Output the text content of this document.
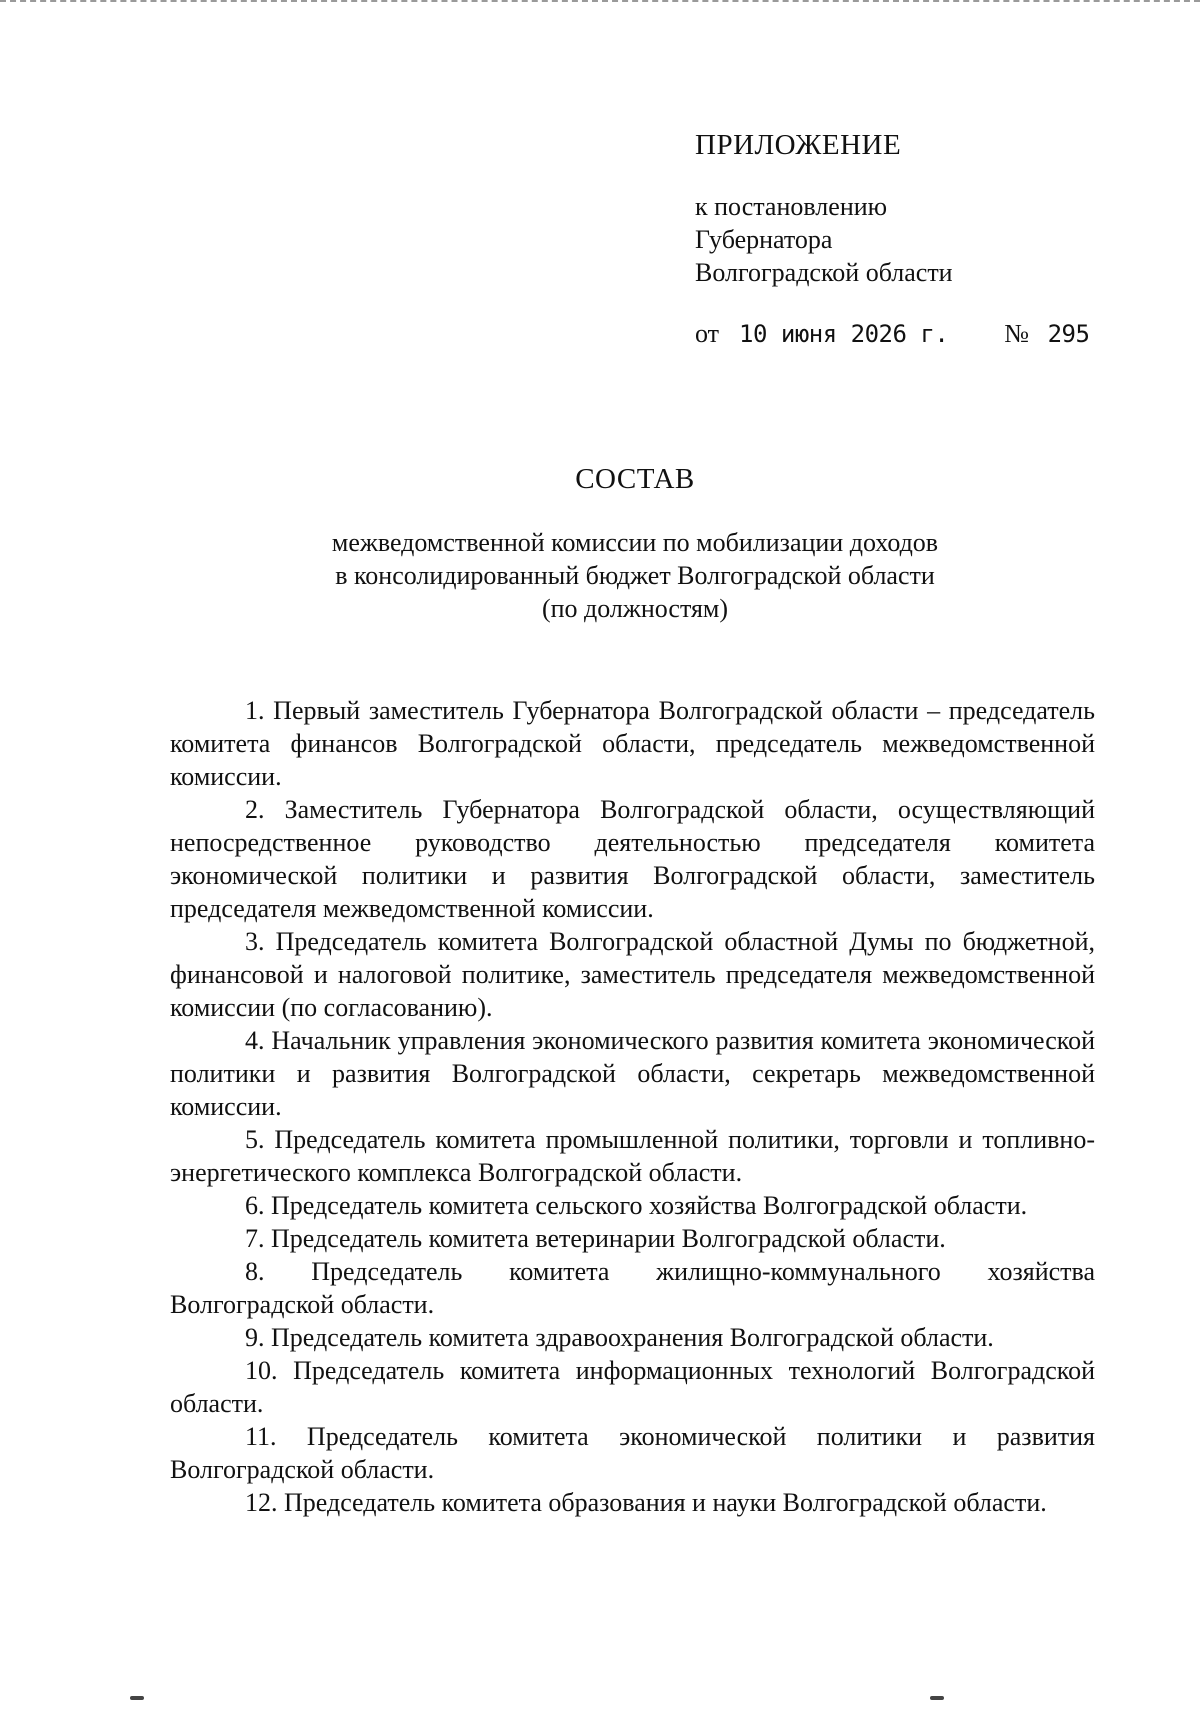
ПРИЛОЖЕНИЕ
к постановлению
Губернатора
Волгоградской области
от 10 июня 2026 г. № 295
СОСТАВ
межведомственной комиссии по мобилизации доходов
в консолидированный бюджет Волгоградской области
(по должностям)

1. Первый заместитель Губернатора Волгоградской области – председатель комитета финансов Волгоградской области, председатель межведомственной комиссии.

2. Заместитель Губернатора Волгоградской области, осуществляющий непосредственное руководство деятельностью председателя комитета экономической политики и развития Волгоградской области, заместитель председателя межведомственной комиссии.

3. Председатель комитета Волгоградской областной Думы по бюджетной, финансовой и налоговой политике, заместитель председателя межведомственной комиссии (по согласованию).

4. Начальник управления экономического развития комитета экономической политики и развития Волгоградской области, секретарь межведомственной комиссии.

5. Председатель комитета промышленной политики, торговли и топливно-энергетического комплекса Волгоградской области.

6. Председатель комитета сельского хозяйства Волгоградской области.

7. Председатель комитета ветеринарии Волгоградской области.

8. Председатель комитета жилищно-коммунального хозяйства Волгоградской области.

9. Председатель комитета здравоохранения Волгоградской области.

10. Председатель комитета информационных технологий Волгоградской области.

11. Председатель комитета экономической политики и развития Волгоградской области.

12. Председатель комитета образования и науки Волгоградской области.
